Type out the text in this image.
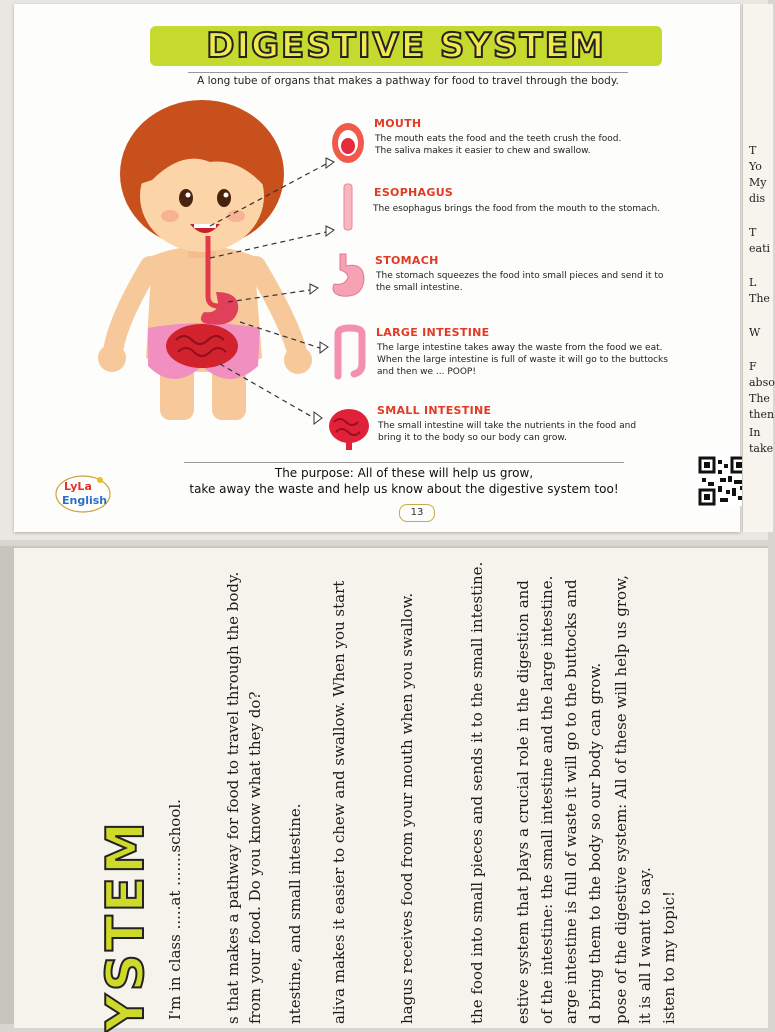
DIGESTIVE SYSTEM
A long tube of organs that makes a pathway for food to travel through the body.
MOUTH
The mouth eats the food and the teeth crush the food.
The saliva makes it easier to chew and swallow.
ESOPHAGUS
The esophagus brings the food from the mouth to the stomach.
STOMACH
The stomach squeezes the food into small pieces and send it to
the small intestine.
LARGE INTESTINE
The large intestine takes away the waste from the food we eat.
When the large intestine is full of waste it will go to the buttocks
and then we ... POOP!
SMALL INTESTINE
The small intestine will take the nutrients in the food and
bring it to the body so our body can grow.
The purpose: All of these will help us grow,
take away the waste and help us know about the digestive system too!
13
LyLa
English
T
Yo
My
dis
T
eati
L
The
W
F
abso
The
then
In
take
YSTEM I'm in class .....at .......school.	s that makes a pathway for food to travel through the body. from your food. Do you know what they do? ntestine, and small intestine. aliva makes it easier to chew and swallow. When you start	hagus receives food from your mouth when you swallow.	the food into small pieces and sends it to the small intestine. estive system that plays a crucial role in the digestion and of the intestine: the small intestine and the large intestine. arge intestine is full of waste it will go to the buttocks and d bring them to the body so our body can grow. pose of the digestive system: All of these will help us grow, it is all I want to say. isten to my topic!
